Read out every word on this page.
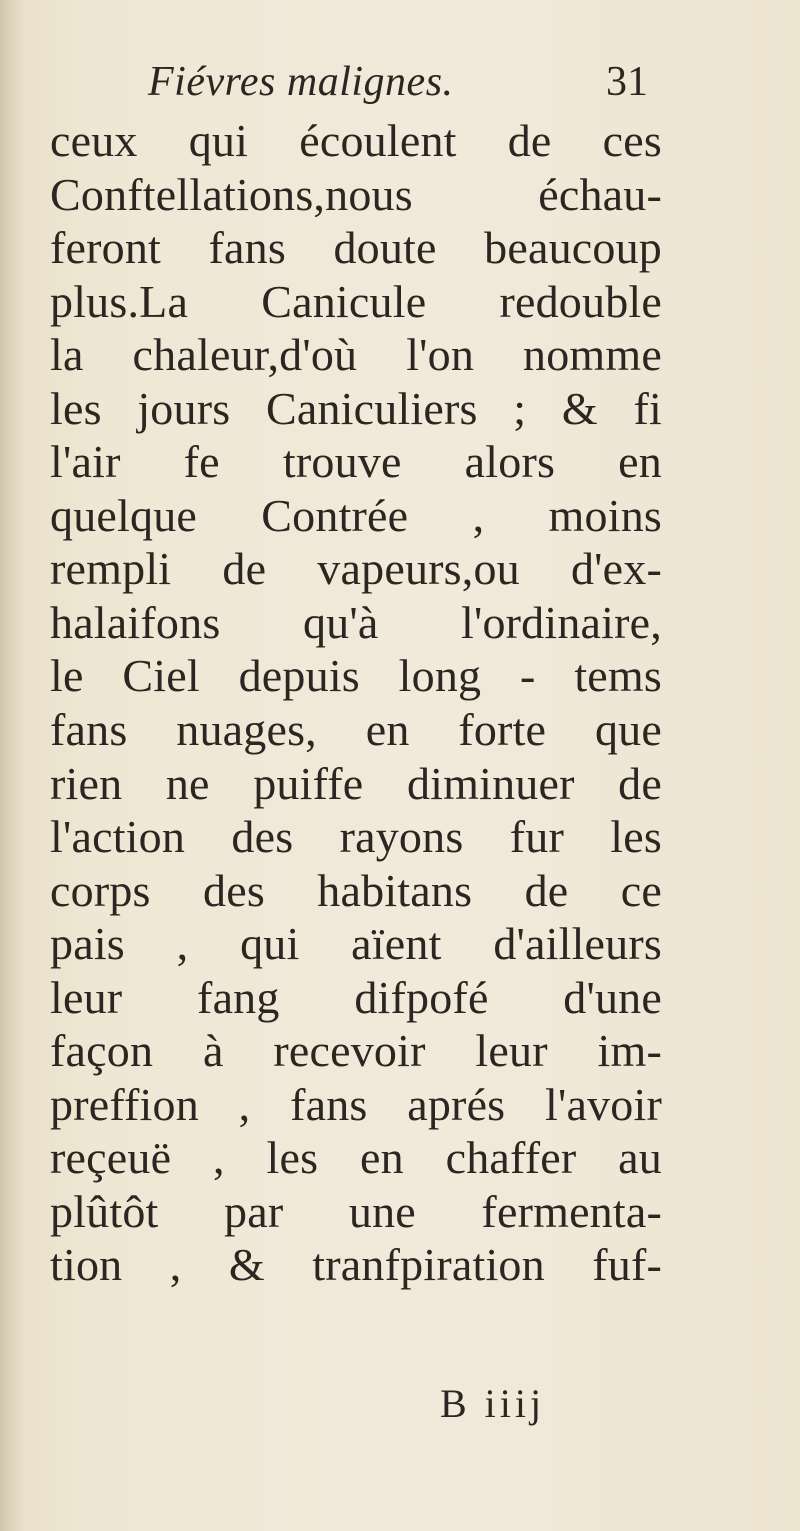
Fiévres malignes.	31
ceux qui écoulent de ces
Conftellations,nous échau-
feront fans doute beaucoup
plus.La Canicule redouble
la chaleur,d'où l'on nomme
les jours Caniculiers ; & fi
l'air fe trouve alors en
quelque Contrée , moins
rempli de vapeurs,ou d'ex-
halaifons qu'à l'ordinaire,
le Ciel depuis long - tems
fans nuages, en forte que
rien ne puiffe diminuer de
l'action des rayons fur les
corps des habitans de ce
pais , qui aïent d'ailleurs
leur fang difpofé d'une
façon à recevoir leur im-
preffion , fans aprés l'avoir
reçeuë , les en chaffer au
plûtôt par une fermenta-
tion , & tranfpiration fuf-
B iiij
